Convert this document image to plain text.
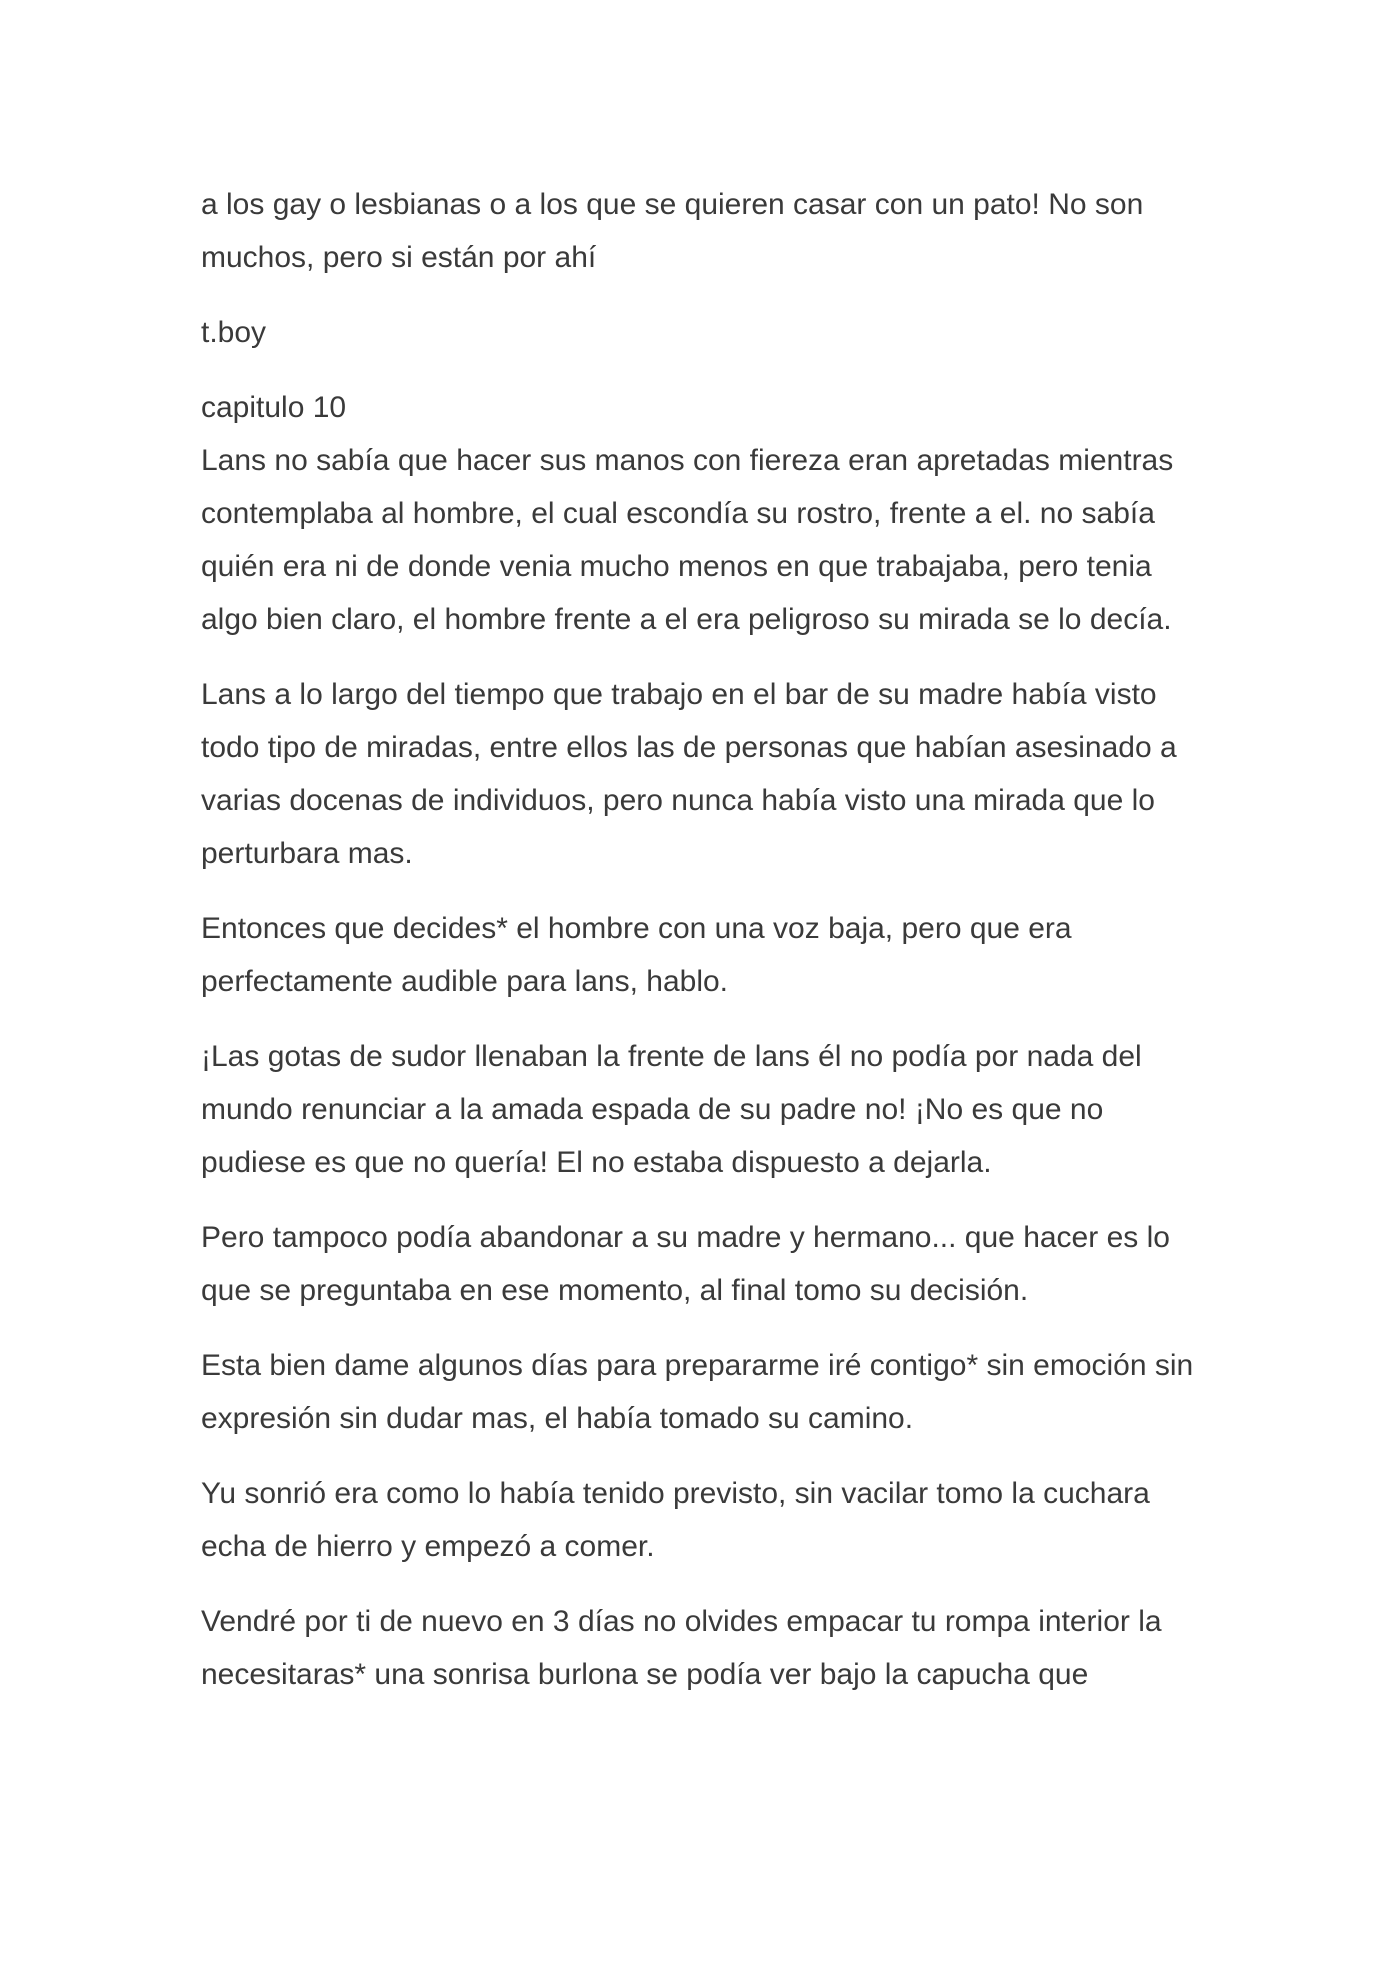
a los gay o lesbianas o a los que se quieren casar con un pato! No son muchos, pero si están por ahí

t.boy

capitulo 10

Lans no sabía que hacer sus manos con fiereza eran apretadas mientras contemplaba al hombre, el cual escondía su rostro, frente a el. no sabía quién era ni de donde venia mucho menos en que trabajaba, pero tenia algo bien claro, el hombre frente a el era peligroso su mirada se lo decía.

Lans a lo largo del tiempo que trabajo en el bar de su madre había visto todo tipo de miradas, entre ellos las de personas que habían asesinado a varias docenas de individuos, pero nunca había visto una mirada que lo perturbara mas.

Entonces que decides* el hombre con una voz baja, pero que era perfectamente audible para lans, hablo.

¡Las gotas de sudor llenaban la frente de lans él no podía por nada del mundo renunciar a la amada espada de su padre no! ¡No es que no pudiese es que no quería! El no estaba dispuesto a dejarla.

Pero tampoco podía abandonar a su madre y hermano... que hacer es lo que se preguntaba en ese momento, al final tomo su decisión.

Esta bien dame algunos días para prepararme iré contigo* sin emoción sin expresión sin dudar mas, el había tomado su camino.

Yu sonrió era como lo había tenido previsto, sin vacilar tomo la cuchara echa de hierro y empezó a comer.

Vendré por ti de nuevo en 3 días no olvides empacar tu rompa interior la necesitaras* una sonrisa burlona se podía ver bajo la capucha que
